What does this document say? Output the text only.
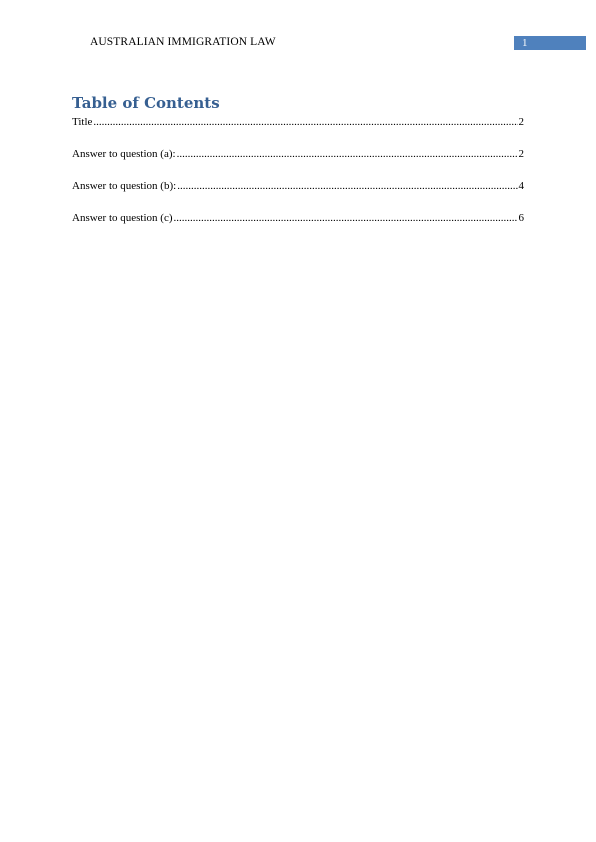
AUSTRALIAN IMMIGRATION LAW	1
Table of Contents
Title .....	2
Answer to question (a): .....	2
Answer to question (b): .....	4
Answer to question (c) .....	6
